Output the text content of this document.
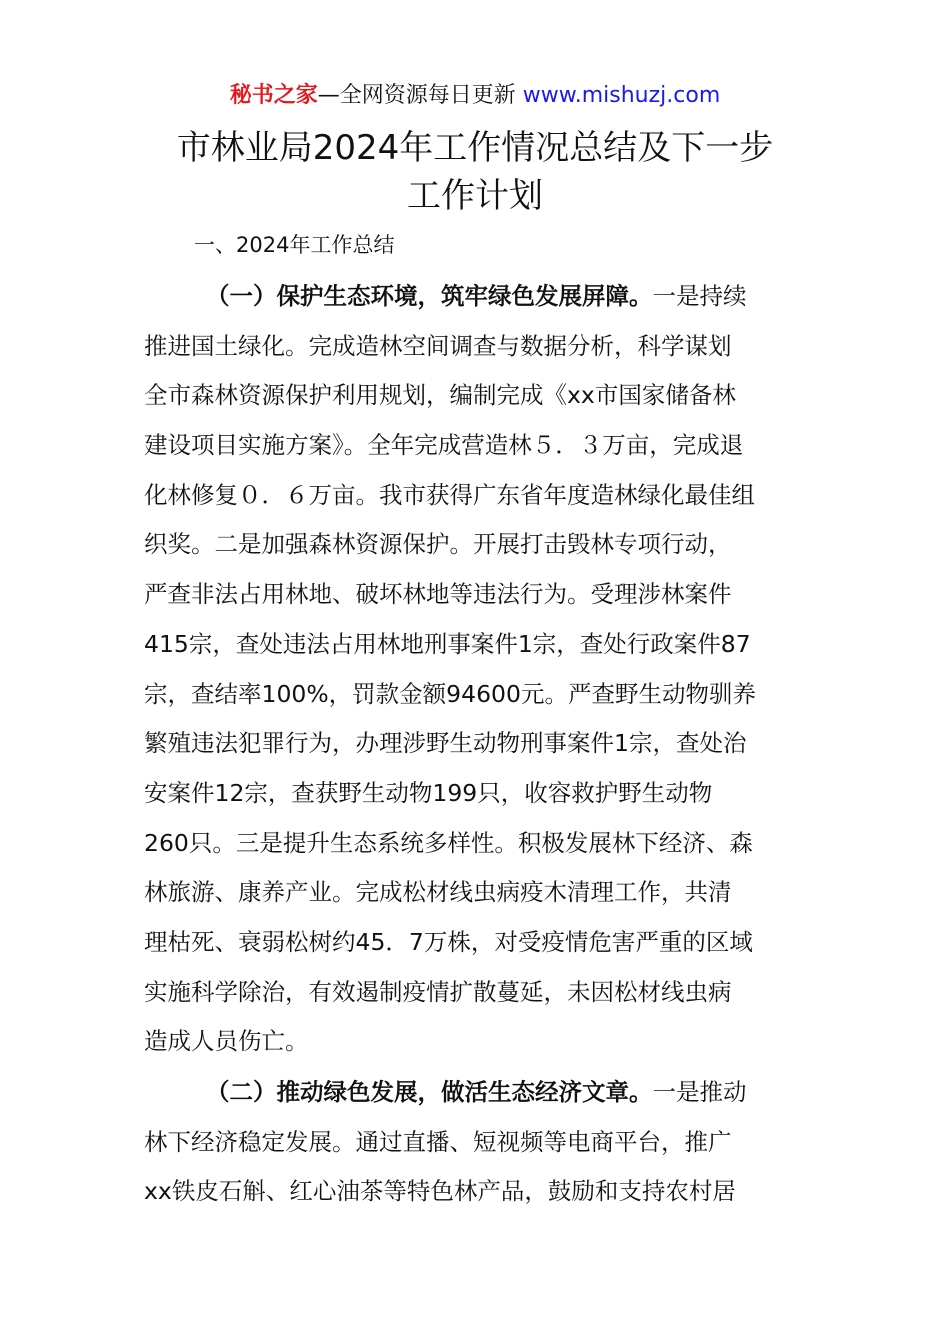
秘书之家—全网资源每日更新 www.mishuzj.com
市林业局2024年工作情况总结及下一步
工作计划
一、2024年工作总结
（一）保护生态环境，筑牢绿色发展屏障。一是持续
推进国土绿化。完成造林空间调查与数据分析，科学谋划
全市森林资源保护利用规划，编制完成《xx市国家储备林
建设项目实施方案》。全年完成营造林５．３万亩，完成退
化林修复０．６万亩。我市获得广东省年度造林绿化最佳组
织奖。二是加强森林资源保护。开展打击毁林专项行动，
严查非法占用林地、破坏林地等违法行为。受理涉林案件
415宗，查处违法占用林地刑事案件1宗，查处行政案件87
宗，查结率100%，罚款金额94600元。严查野生动物驯养
繁殖违法犯罪行为，办理涉野生动物刑事案件1宗，查处治
安案件12宗，查获野生动物199只，收容救护野生动物
260只。三是提升生态系统多样性。积极发展林下经济、森
林旅游、康养产业。完成松材线虫病疫木清理工作，共清
理枯死、衰弱松树约45．7万株，对受疫情危害严重的区域
实施科学除治，有效遏制疫情扩散蔓延，未因松材线虫病
造成人员伤亡。
（二）推动绿色发展，做活生态经济文章。一是推动
林下经济稳定发展。通过直播、短视频等电商平台，推广
xx铁皮石斛、红心油茶等特色林产品，鼓励和支持农村居
